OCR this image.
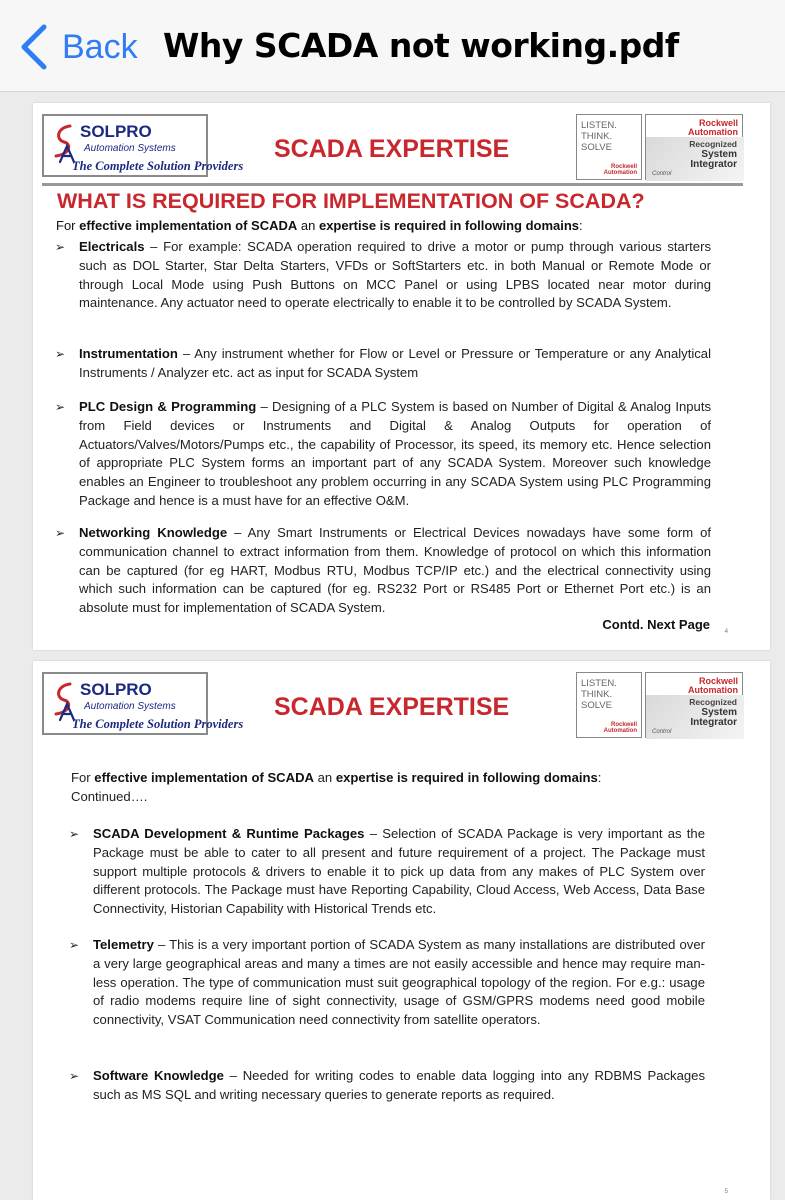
Back Why SCADA not working.pdf
SOLPRO
Automation Systems
The Complete Solution Providers
SCADA EXPERTISE
LISTEN.
THINK.
SOLVE
Rockwell
Automation
Rockwell
Automation
Recognized
System
Integrator
Control
WHAT IS REQUIRED FOR IMPLEMENTATION OF SCADA?
For effective implementation of SCADA an expertise is required in following domains:
➢ Electricals – For example: SCADA operation required to drive a motor or pump through various starters such as DOL Starter, Star Delta Starters, VFDs or SoftStarters etc. in both Manual or Remote Mode or through Local Mode using Push Buttons on MCC Panel or using LPBS located near motor during maintenance. Any actuator need to operate electrically to enable it to be controlled by SCADA System.
➢ Instrumentation – Any instrument whether for Flow or Level or Pressure or Temperature or any Analytical Instruments / Analyzer etc. act as input for SCADA System
➢ PLC Design & Programming – Designing of a PLC System is based on Number of Digital & Analog Inputs from Field devices or Instruments and Digital & Analog Outputs for operation of Actuators/Valves/Motors/Pumps etc., the capability of Processor, its speed, its memory etc. Hence selection of appropriate PLC System forms an important part of any SCADA System. Moreover such knowledge enables an Engineer to troubleshoot any problem occurring in any SCADA System using PLC Programming Package and hence is a must have for an effective O&M.
➢ Networking Knowledge – Any Smart Instruments or Electrical Devices nowadays have some form of communication channel to extract information from them. Knowledge of protocol on which this information can be captured (for eg HART, Modbus RTU, Modbus TCP/IP etc.) and the electrical connectivity using which such information can be captured (for eg. RS232 Port or RS485 Port or Ethernet Port etc.) is an absolute must for implementation of SCADA System.
Contd. Next Page 4
SOLPRO
Automation Systems
The Complete Solution Providers
SCADA EXPERTISE
LISTEN.
THINK.
SOLVE
Rockwell
Automation
Rockwell
Automation
Recognized
System
Integrator
Control
For effective implementation of SCADA an expertise is required in following domains:
Continued….
➢ SCADA Development & Runtime Packages – Selection of SCADA Package is very important as the Package must be able to cater to all present and future requirement of a project. The Package must support multiple protocols & drivers to enable it to pick up data from any makes of PLC System over different protocols. The Package must have Reporting Capability, Cloud Access, Web Access, Data Base Connectivity, Historian Capability with Historical Trends etc.
➢ Telemetry – This is a very important portion of SCADA System as many installations are distributed over a very large geographical areas and many a times are not easily accessible and hence may require man-less operation. The type of communication must suit geographical topology of the region. For e.g.: usage of radio modems require line of sight connectivity, usage of GSM/GPRS modems need good mobile connectivity, VSAT Communication need connectivity from satellite operators.
➢ Software Knowledge – Needed for writing codes to enable data logging into any RDBMS Packages such as MS SQL and writing necessary queries to generate reports as required.
5
